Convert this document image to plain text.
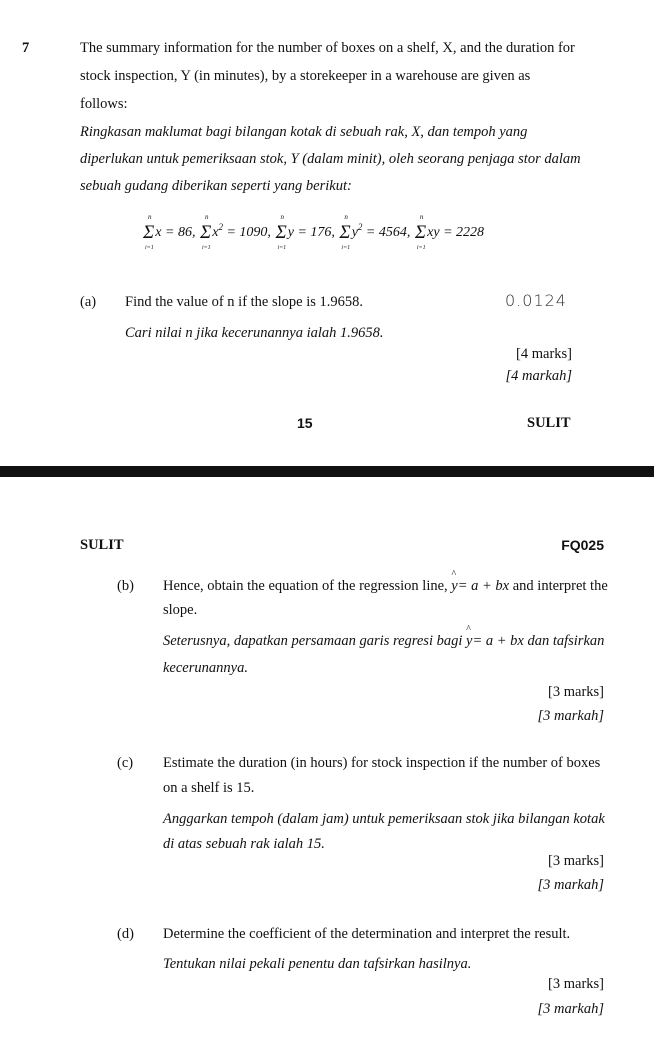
7	The summary information for the number of boxes on a shelf, X, and the duration for
stock inspection, Y (in minutes), by a storekeeper in a warehouse are given as
follows:
Ringkasan maklumat bagi bilangan kotak di sebuah rak, X, dan tempoh yang
diperlukan untuk pemeriksaan stok, Y (dalam minit), oleh seorang penjaga stor dalam
sebuah gudang diberikan seperti yang berikut:
Σ
n
i=1
x = 86, Σ
n
i=1
$x^2 = 1090$, Σ
n
i=1
y = 176, Σ
n
i=1
$y^2 = 4564$, Σ
n
i=1
xy = 2228
(a) Find the value of n if the slope is 1.9658.	0.0124
Cari nilai n jika kecerunannya ialah 1.9658.
[4 marks]
[4 markah]
15	SULIT
SULIT	FQ025
(b) Hence, obtain the equation of the regression line, ^ y= a + bx and interpret the
slope.
Seterusnya, dapatkan persamaan garis regresi bagi ^ y= a + bx dan tafsirkan
kecerunannya.
[3 marks]
[3 markah]
(c) Estimate the duration (in hours) for stock inspection if the number of boxes
on a shelf is 15.
Anggarkan tempoh (dalam jam) untuk pemeriksaan stok jika bilangan kotak
di atas sebuah rak ialah 15.
[3 marks]
[3 markah]
(d) Determine the coefficient of the determination and interpret the result.
Tentukan nilai pekali penentu dan tafsirkan hasilnya.
[3 marks]
[3 markah]
